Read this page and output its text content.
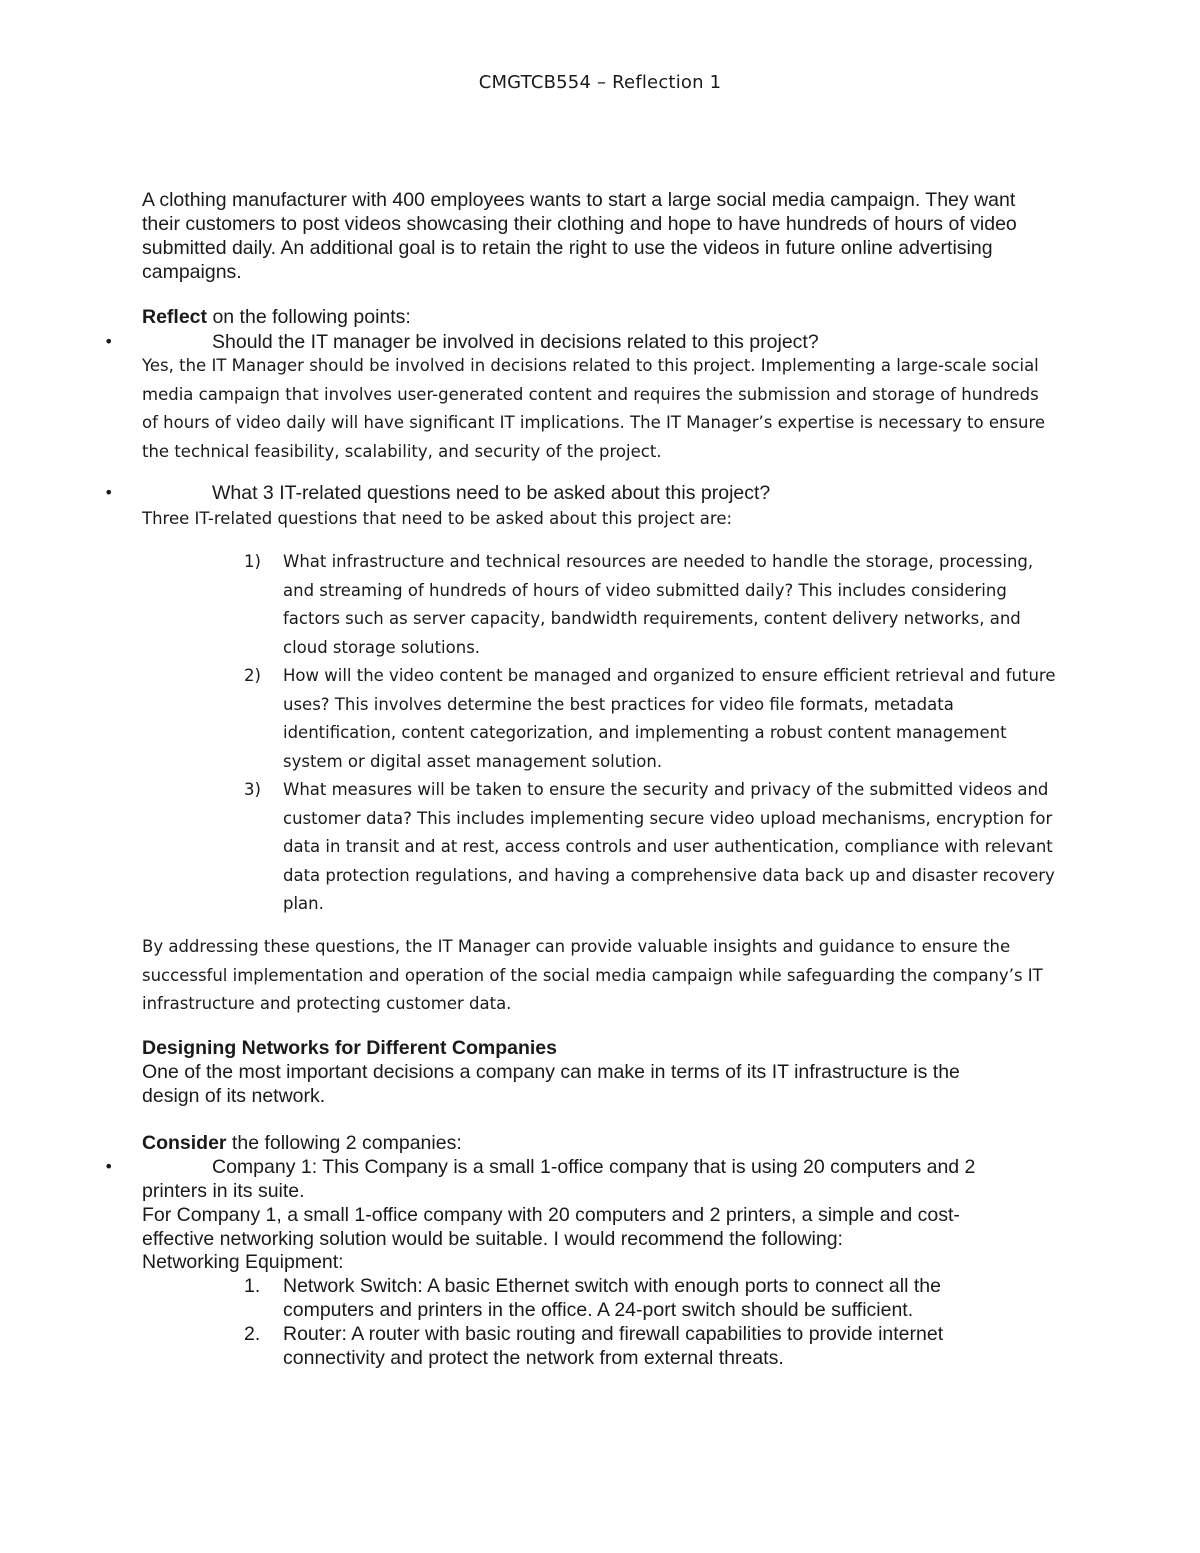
CMGTCB554 – Reflection 1
A clothing manufacturer with 400 employees wants to start a large social media campaign. They want their customers to post videos showcasing their clothing and hope to have hundreds of hours of video submitted daily. An additional goal is to retain the right to use the videos in future online advertising campaigns.
Reflect on the following points:
•	Should the IT manager be involved in decisions related to this project?
Yes, the IT Manager should be involved in decisions related to this project. Implementing a large-scale social media campaign that involves user-generated content and requires the submission and storage of hundreds of hours of video daily will have significant IT implications. The IT Manager’s expertise is necessary to ensure the technical feasibility, scalability, and security of the project.
•	What 3 IT-related questions need to be asked about this project?
Three IT-related questions that need to be asked about this project are:
1) What infrastructure and technical resources are needed to handle the storage, processing, and streaming of hundreds of hours of video submitted daily? This includes considering factors such as server capacity, bandwidth requirements, content delivery networks, and cloud storage solutions.
2) How will the video content be managed and organized to ensure efficient retrieval and future uses? This involves determine the best practices for video file formats, metadata identification, content categorization, and implementing a robust content management system or digital asset management solution.
3) What measures will be taken to ensure the security and privacy of the submitted videos and customer data? This includes implementing secure video upload mechanisms, encryption for data in transit and at rest, access controls and user authentication, compliance with relevant data protection regulations, and having a comprehensive data back up and disaster recovery plan.
By addressing these questions, the IT Manager can provide valuable insights and guidance to ensure the successful implementation and operation of the social media campaign while safeguarding the company’s IT infrastructure and protecting customer data.
Designing Networks for Different Companies
One of the most important decisions a company can make in terms of its IT infrastructure is the design of its network.
Consider the following 2 companies:
•	Company 1: This Company is a small 1-office company that is using 20 computers and 2
printers in its suite.
For Company 1, a small 1-office company with 20 computers and 2 printers, a simple and cost-effective networking solution would be suitable. I would recommend the following:
Networking Equipment:
1. Network Switch: A basic Ethernet switch with enough ports to connect all the computers and printers in the office. A 24-port switch should be sufficient.
2. Router: A router with basic routing and firewall capabilities to provide internet connectivity and protect the network from external threats.
